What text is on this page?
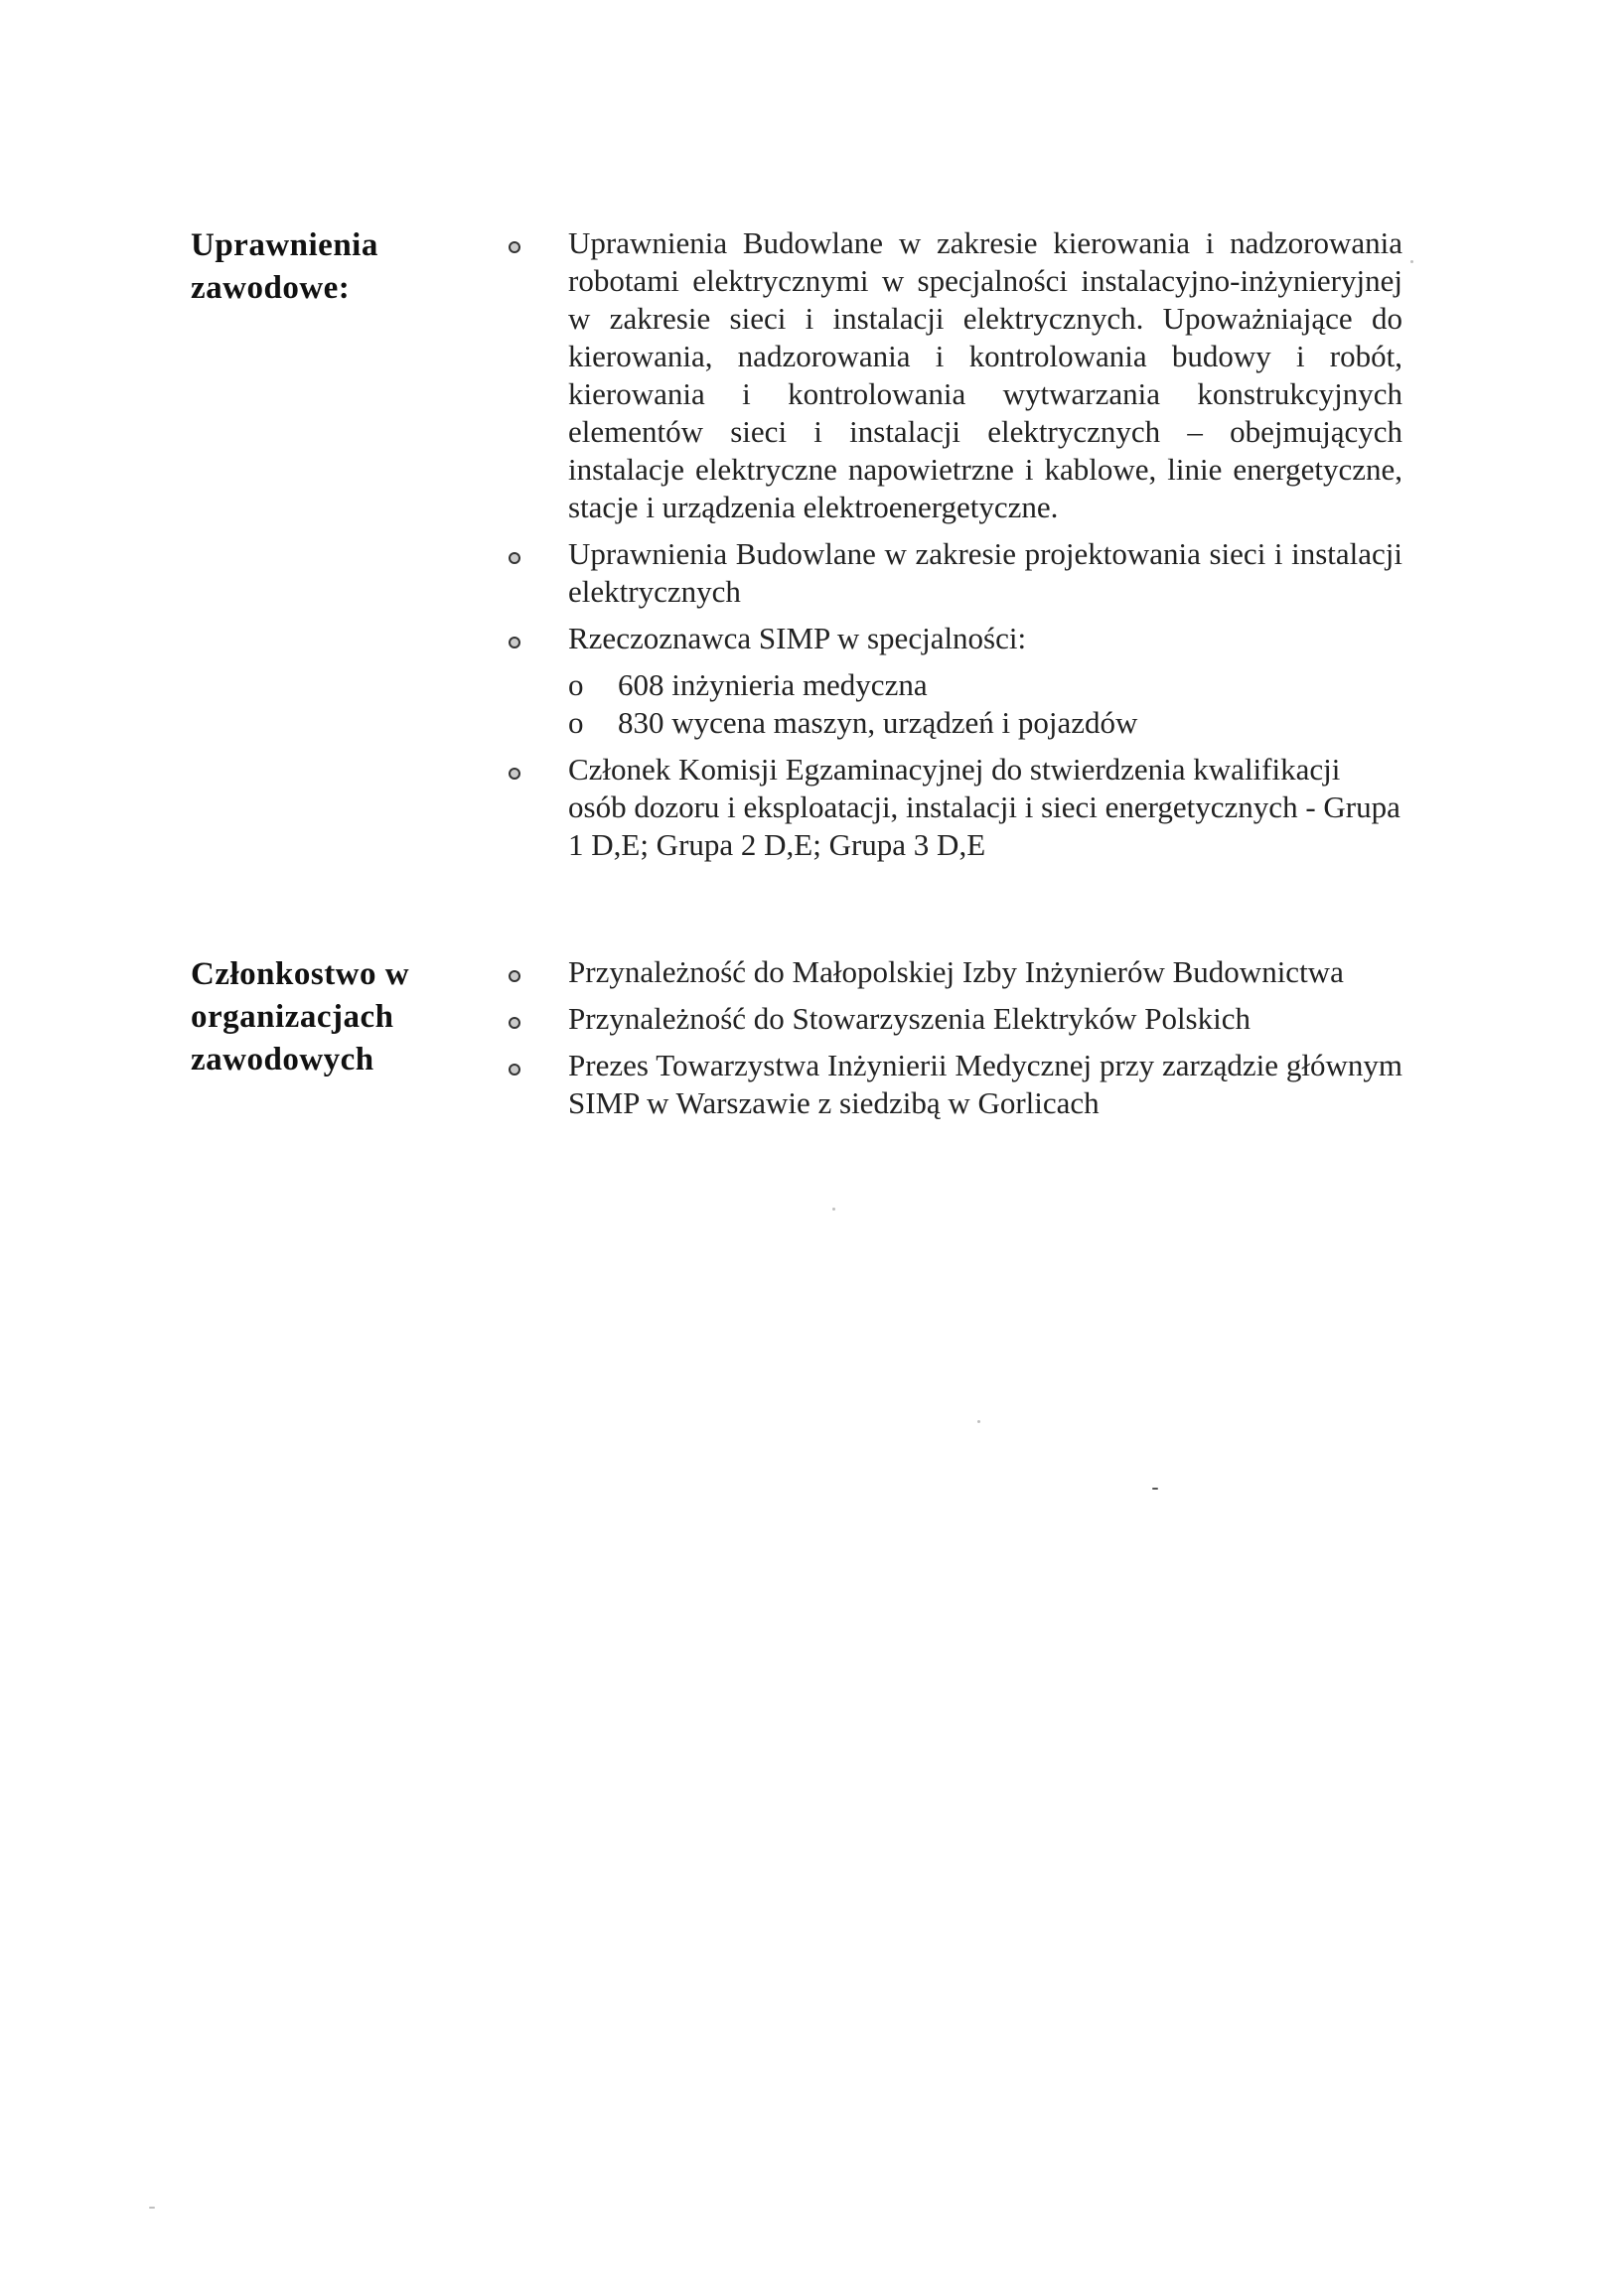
Uprawnienia
zawodowe:
Uprawnienia Budowlane w zakresie kierowania i nadzorowania robotami elektrycznymi w specjalności instalacyjno-inżynieryjnej w zakresie sieci i instalacji elektrycznych. Upoważniające do kierowania, nadzorowania i kontrolowania budowy i robót, kierowania i kontrolowania wytwarzania konstrukcyjnych elementów sieci i instalacji elektrycznych – obejmujących instalacje elektryczne napowietrzne i kablowe, linie energetyczne, stacje i urządzenia elektroenergetyczne.
Uprawnienia Budowlane w zakresie projektowania sieci i instalacji elektrycznych
Rzeczoznawca SIMP w specjalności:
o 608 inżynieria medyczna
o 830 wycena maszyn, urządzeń i pojazdów
Członek Komisji Egzaminacyjnej do stwierdzenia kwalifikacji osób dozoru i eksploatacji, instalacji i sieci energetycznych - Grupa 1 D,E; Grupa 2 D,E; Grupa 3 D,E
Członkostwo w
organizacjach
zawodowych
Przynależność do Małopolskiej Izby Inżynierów Budownictwa
Przynależność do Stowarzyszenia Elektryków Polskich
Prezes Towarzystwa Inżynierii Medycznej przy zarządzie głównym SIMP w Warszawie z siedzibą w Gorlicach
